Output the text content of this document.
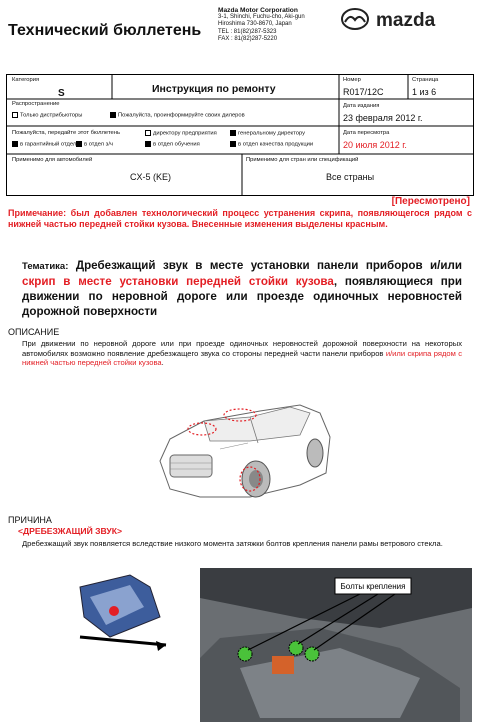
Технический бюллетень
Mazda Motor Corporation
3-1, Shinchi, Fuchu-cho, Aki-gun
Hiroshima 730-8670, Japan
TEL : 81(82)287-5323
FAX : 81(82)287-5220
mazda
Категория
S	Инструкция по ремонту
Номер
R017/12C
Страница
1 из 6
Распространение
Только дистрибьюторы	Пожалуйста, проинформируйте своих дилеров
Дата издания
23 февраля 2012 г.
Пожалуйста, передайте этот бюллетень
в гарантийный отдел	в отдел з/ч
директору предприятия
в отдел обучения
генеральному директору
в отдел качества продукции
Дата пересмотра
20 июля 2012 г.
Применимо для автомобилей
CX-5 (KE)
Применимо для стран или спецификаций
Все страны
[Пересмотрено]
Примечание: был добавлен технологический процесс устранения скрипа, появляющегося рядом с нижней частью передней стойки кузова. Внесенные изменения выделены красным.
Тематика: Дребезжащий звук в месте установки панели приборов и/или скрип в месте установки передней стойки кузова, появляющиеся при движении по неровной дороге или проезде одиночных неровностей дорожной поверхности
ОПИСАНИЕ
При движении по неровной дороге или при проезде одиночных неровностей дорожной поверхности на некоторых автомобилях возможно появление дребезжащего звука со стороны передней части панели приборов и/или скрипа рядом с нижней частью передней стойки кузова.
ПРИЧИНА
<ДРЕБЕЗЖАЩИЙ ЗВУК>
Дребезжащий звук появляется вследствие низкого момента затяжки болтов крепления панели рамы ветрового стекла.
Болты крепления
